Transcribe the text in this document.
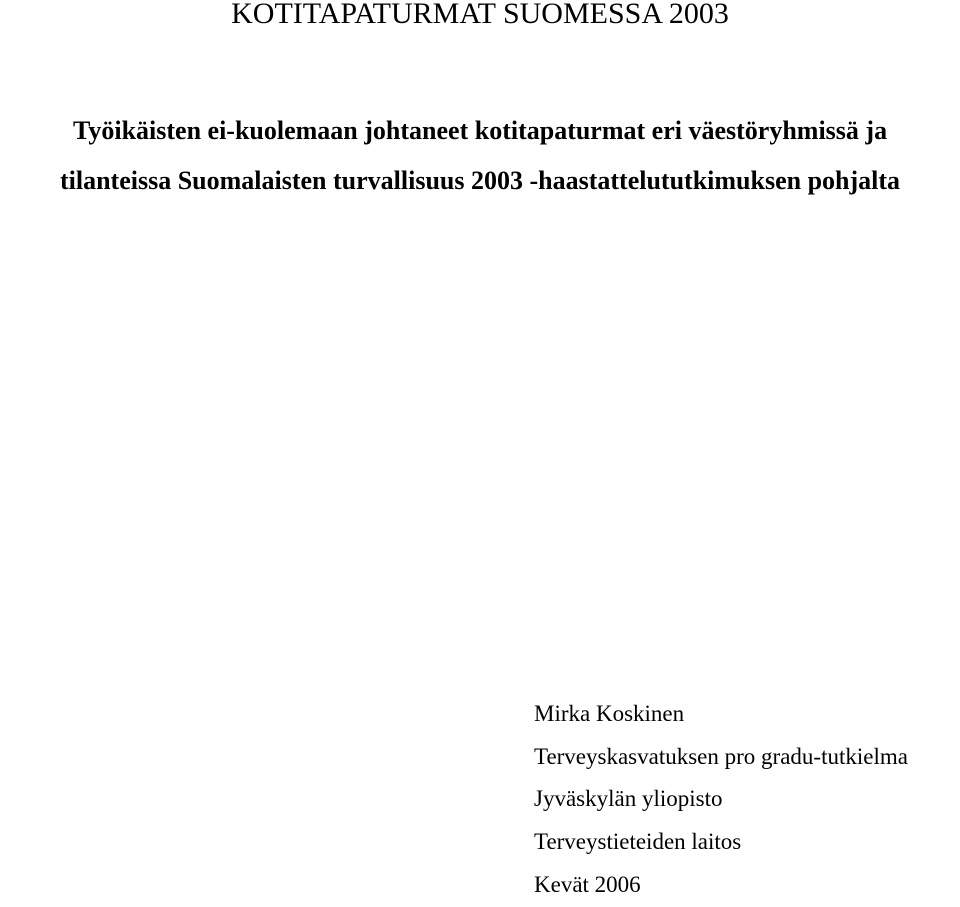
KOTITAPATURMAT SUOMESSA 2003
Työikäisten ei-kuolemaan johtaneet kotitapaturmat eri väestöryhmissä ja
tilanteissa Suomalaisten turvallisuus 2003 -haastattelututkimuksen pohjalta
Mirka Koskinen
Terveyskasvatuksen pro gradu-tutkielma
Jyväskylän yliopisto
Terveystieteiden laitos
Kevät 2006
